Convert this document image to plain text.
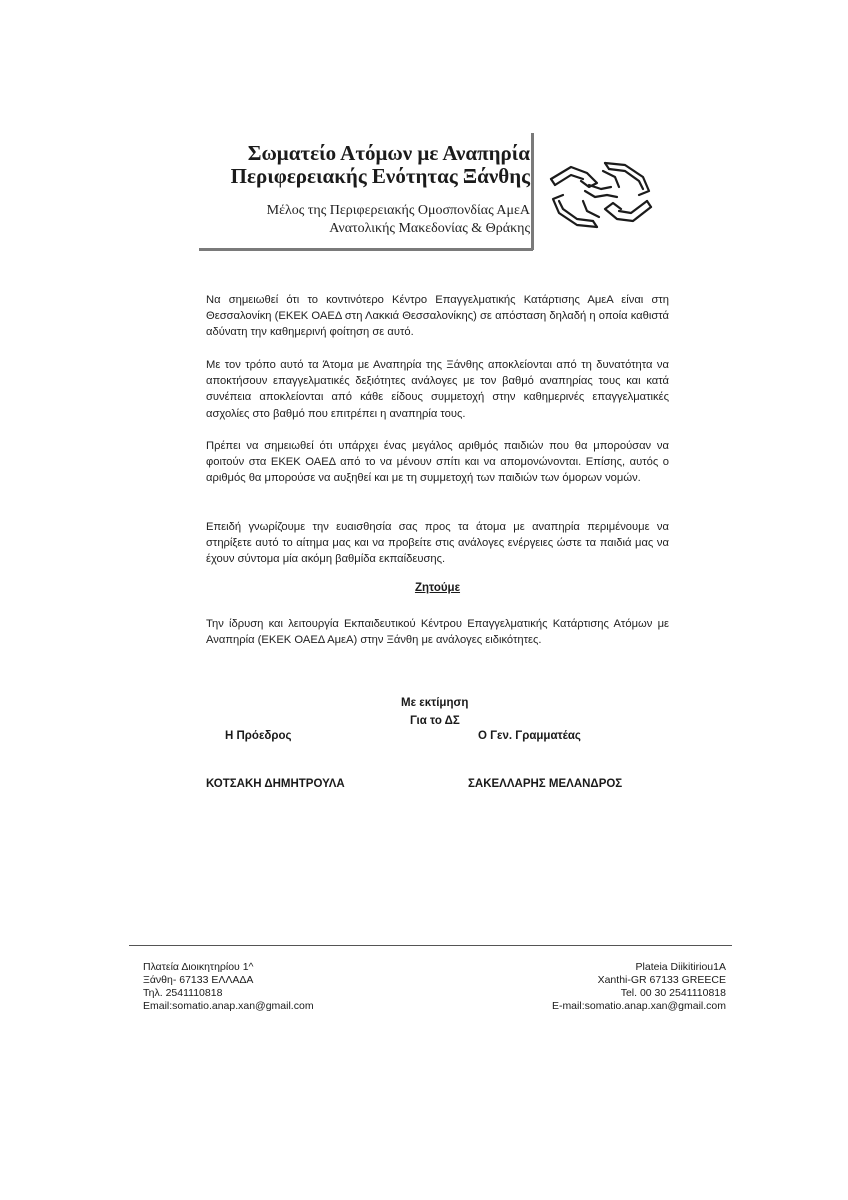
Σωματείο Ατόμων με Αναπηρία
Περιφερειακής Ενότητας Ξάνθης
Μέλος της Περιφερειακής Ομοσπονδίας ΑμεΑ
Ανατολικής Μακεδονίας & Θράκης
Να σημειωθεί ότι το κοντινότερο Κέντρο Επαγγελματικής Κατάρτισης ΑμεΑ είναι στη Θεσσαλονίκη (ΕΚΕΚ ΟΑΕΔ στη Λακκιά Θεσσαλονίκης) σε απόσταση δηλαδή η οποία καθιστά αδύνατη την καθημερινή φοίτηση σε αυτό.
Με τον τρόπο αυτό τα Άτομα με Αναπηρία της Ξάνθης αποκλείονται από τη δυνατότητα να αποκτήσουν επαγγελματικές δεξιότητες ανάλογες με τον βαθμό αναπηρίας τους και κατά συνέπεια αποκλείονται από κάθε είδους συμμετοχή στην καθημερινές επαγγελματικές ασχολίες στο βαθμό που επιτρέπει η αναπηρία τους.
Πρέπει να σημειωθεί ότι υπάρχει ένας μεγάλος αριθμός παιδιών που θα μπορούσαν να φοιτούν στα ΕΚΕΚ ΟΑΕΔ από το να μένουν σπίτι και να απομονώνονται. Επίσης, αυτός ο αριθμός θα μπορούσε να αυξηθεί και με τη συμμετοχή των παιδιών των όμορων νομών.
Επειδή γνωρίζουμε την ευαισθησία σας προς τα άτομα με αναπηρία περιμένουμε να στηρίξετε αυτό το αίτημα μας και να προβείτε στις ανάλογες ενέργειες ώστε τα παιδιά μας να έχουν σύντομα μία ακόμη βαθμίδα εκπαίδευσης.
Ζητούμε
Την ίδρυση και λειτουργία Εκπαιδευτικού Κέντρου Επαγγελματικής Κατάρτισης Ατόμων με Αναπηρία (ΕΚΕΚ ΟΑΕΔ ΑμεΑ) στην Ξάνθη με ανάλογες ειδικότητες.
Με εκτίμηση
Για το ΔΣ
Η Πρόεδρος	Ο Γεν. Γραμματέας
ΚΟΤΣΑΚΗ ΔΗΜΗΤΡΟΥΛΑ	ΣΑΚΕΛΛΑΡΗΣ ΜΕΛΑΝΔΡΟΣ
Πλατεία Διοικητηρίου 1^
Ξάνθη- 67133 ΕΛΛΑΔΑ
Τηλ. 2541110818
Email:somatio.anap.xan@gmail.com
Plateia Diikitiriou1A
Xanthi-GR 67133 GREECE
Tel. 00 30 2541110818
E-mail:somatio.anap.xan@gmail.com
